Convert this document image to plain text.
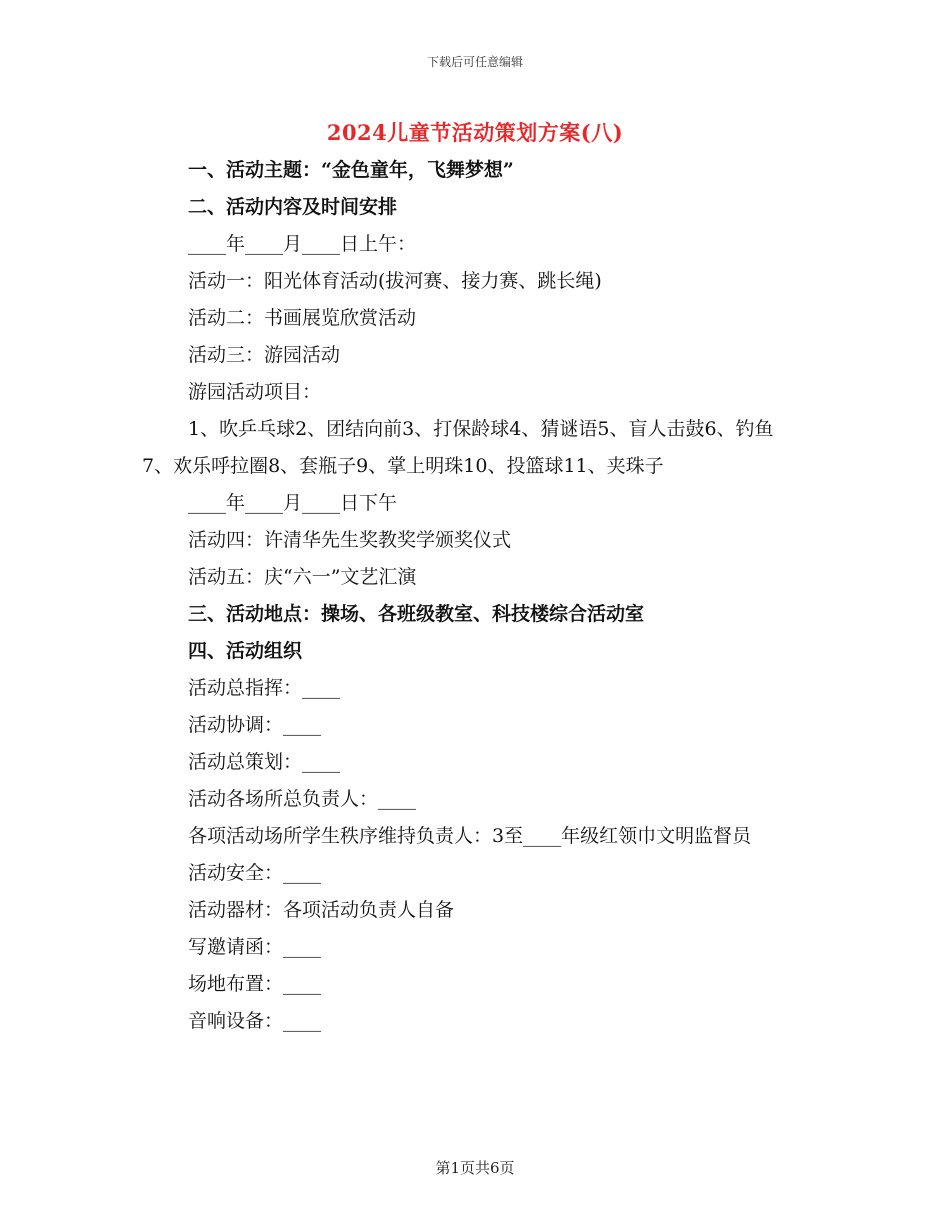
下载后可任意编辑
2024儿童节活动策划方案(八)
一、活动主题：“金色童年，飞舞梦想”
二、活动内容及时间安排
____年____月____日上午：
活动一：阳光体育活动(拔河赛、接力赛、跳长绳)
活动二：书画展览欣赏活动
活动三：游园活动
游园活动项目：
1、吹乒乓球2、团结向前3、打保龄球4、猜谜语5、盲人击鼓6、钓鱼7、欢乐呼拉圈8、套瓶子9、掌上明珠10、投篮球11、夹珠子
____年____月____日下午
活动四：许清华先生奖教奖学颁奖仪式
活动五：庆“六一”文艺汇演
三、活动地点：操场、各班级教室、科技楼综合活动室
四、活动组织
活动总指挥：____
活动协调：____
活动总策划：____
活动各场所总负责人：____
各项活动场所学生秩序维持负责人：3至____年级红领巾文明监督员
活动安全：____
活动器材：各项活动负责人自备
写邀请函：____
场地布置：____
音响设备：____
第1页共6页
